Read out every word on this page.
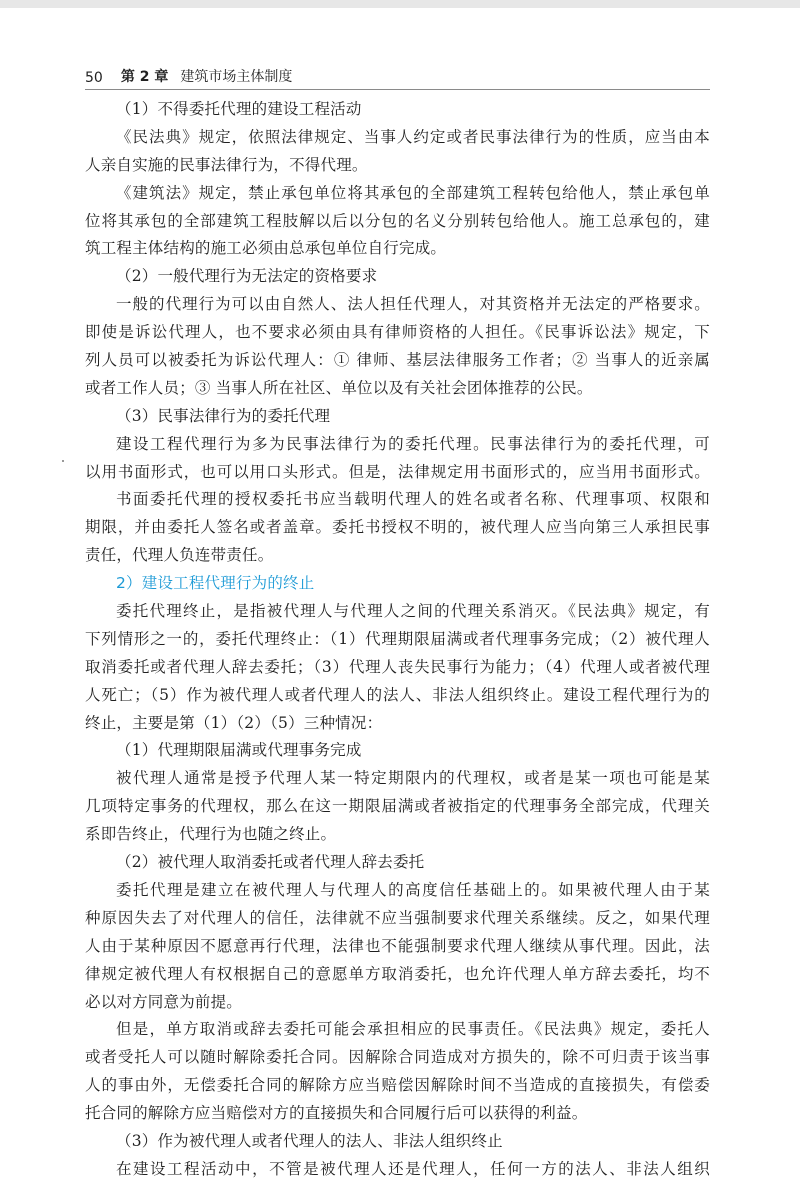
50 第 2 章 建筑市场主体制度
（1）不得委托代理的建设工程活动
《民法典》规定，依照法律规定、当事人约定或者民事法律行为的性质，应当由本
人亲自实施的民事法律行为，不得代理。
《建筑法》规定，禁止承包单位将其承包的全部建筑工程转包给他人，禁止承包单
位将其承包的全部建筑工程肢解以后以分包的名义分别转包给他人。施工总承包的，建
筑工程主体结构的施工必须由总承包单位自行完成。
（2）一般代理行为无法定的资格要求
一般的代理行为可以由自然人、法人担任代理人，对其资格并无法定的严格要求。
即使是诉讼代理人，也不要求必须由具有律师资格的人担任。《民事诉讼法》规定，下
列人员可以被委托为诉讼代理人：① 律师、基层法律服务工作者；② 当事人的近亲属
或者工作人员；③ 当事人所在社区、单位以及有关社会团体推荐的公民。
（3）民事法律行为的委托代理
建设工程代理行为多为民事法律行为的委托代理。民事法律行为的委托代理，可
以用书面形式，也可以用口头形式。但是，法律规定用书面形式的，应当用书面形式。
书面委托代理的授权委托书应当载明代理人的姓名或者名称、代理事项、权限和
期限，并由委托人签名或者盖章。委托书授权不明的，被代理人应当向第三人承担民事
责任，代理人负连带责任。
2）建设工程代理行为的终止
委托代理终止，是指被代理人与代理人之间的代理关系消灭。《民法典》规定，有
下列情形之一的，委托代理终止：（1）代理期限届满或者代理事务完成；（2）被代理人
取消委托或者代理人辞去委托；（3）代理人丧失民事行为能力；（4）代理人或者被代理
人死亡；（5）作为被代理人或者代理人的法人、非法人组织终止。建设工程代理行为的
终止，主要是第（1）（2）（5）三种情况：
（1）代理期限届满或代理事务完成
被代理人通常是授予代理人某一特定期限内的代理权，或者是某一项也可能是某
几项特定事务的代理权，那么在这一期限届满或者被指定的代理事务全部完成，代理关
系即告终止，代理行为也随之终止。
（2）被代理人取消委托或者代理人辞去委托
委托代理是建立在被代理人与代理人的高度信任基础上的。如果被代理人由于某
种原因失去了对代理人的信任，法律就不应当强制要求代理关系继续。反之，如果代理
人由于某种原因不愿意再行代理，法律也不能强制要求代理人继续从事代理。因此，法
律规定被代理人有权根据自己的意愿单方取消委托，也允许代理人单方辞去委托，均不
必以对方同意为前提。
但是，单方取消或辞去委托可能会承担相应的民事责任。《民法典》规定，委托人
或者受托人可以随时解除委托合同。因解除合同造成对方损失的，除不可归责于该当事
人的事由外，无偿委托合同的解除方应当赔偿因解除时间不当造成的直接损失，有偿委
托合同的解除方应当赔偿对方的直接损失和合同履行后可以获得的利益。
（3）作为被代理人或者代理人的法人、非法人组织终止
在建设工程活动中，不管是被代理人还是代理人，任何一方的法人、非法人组织
